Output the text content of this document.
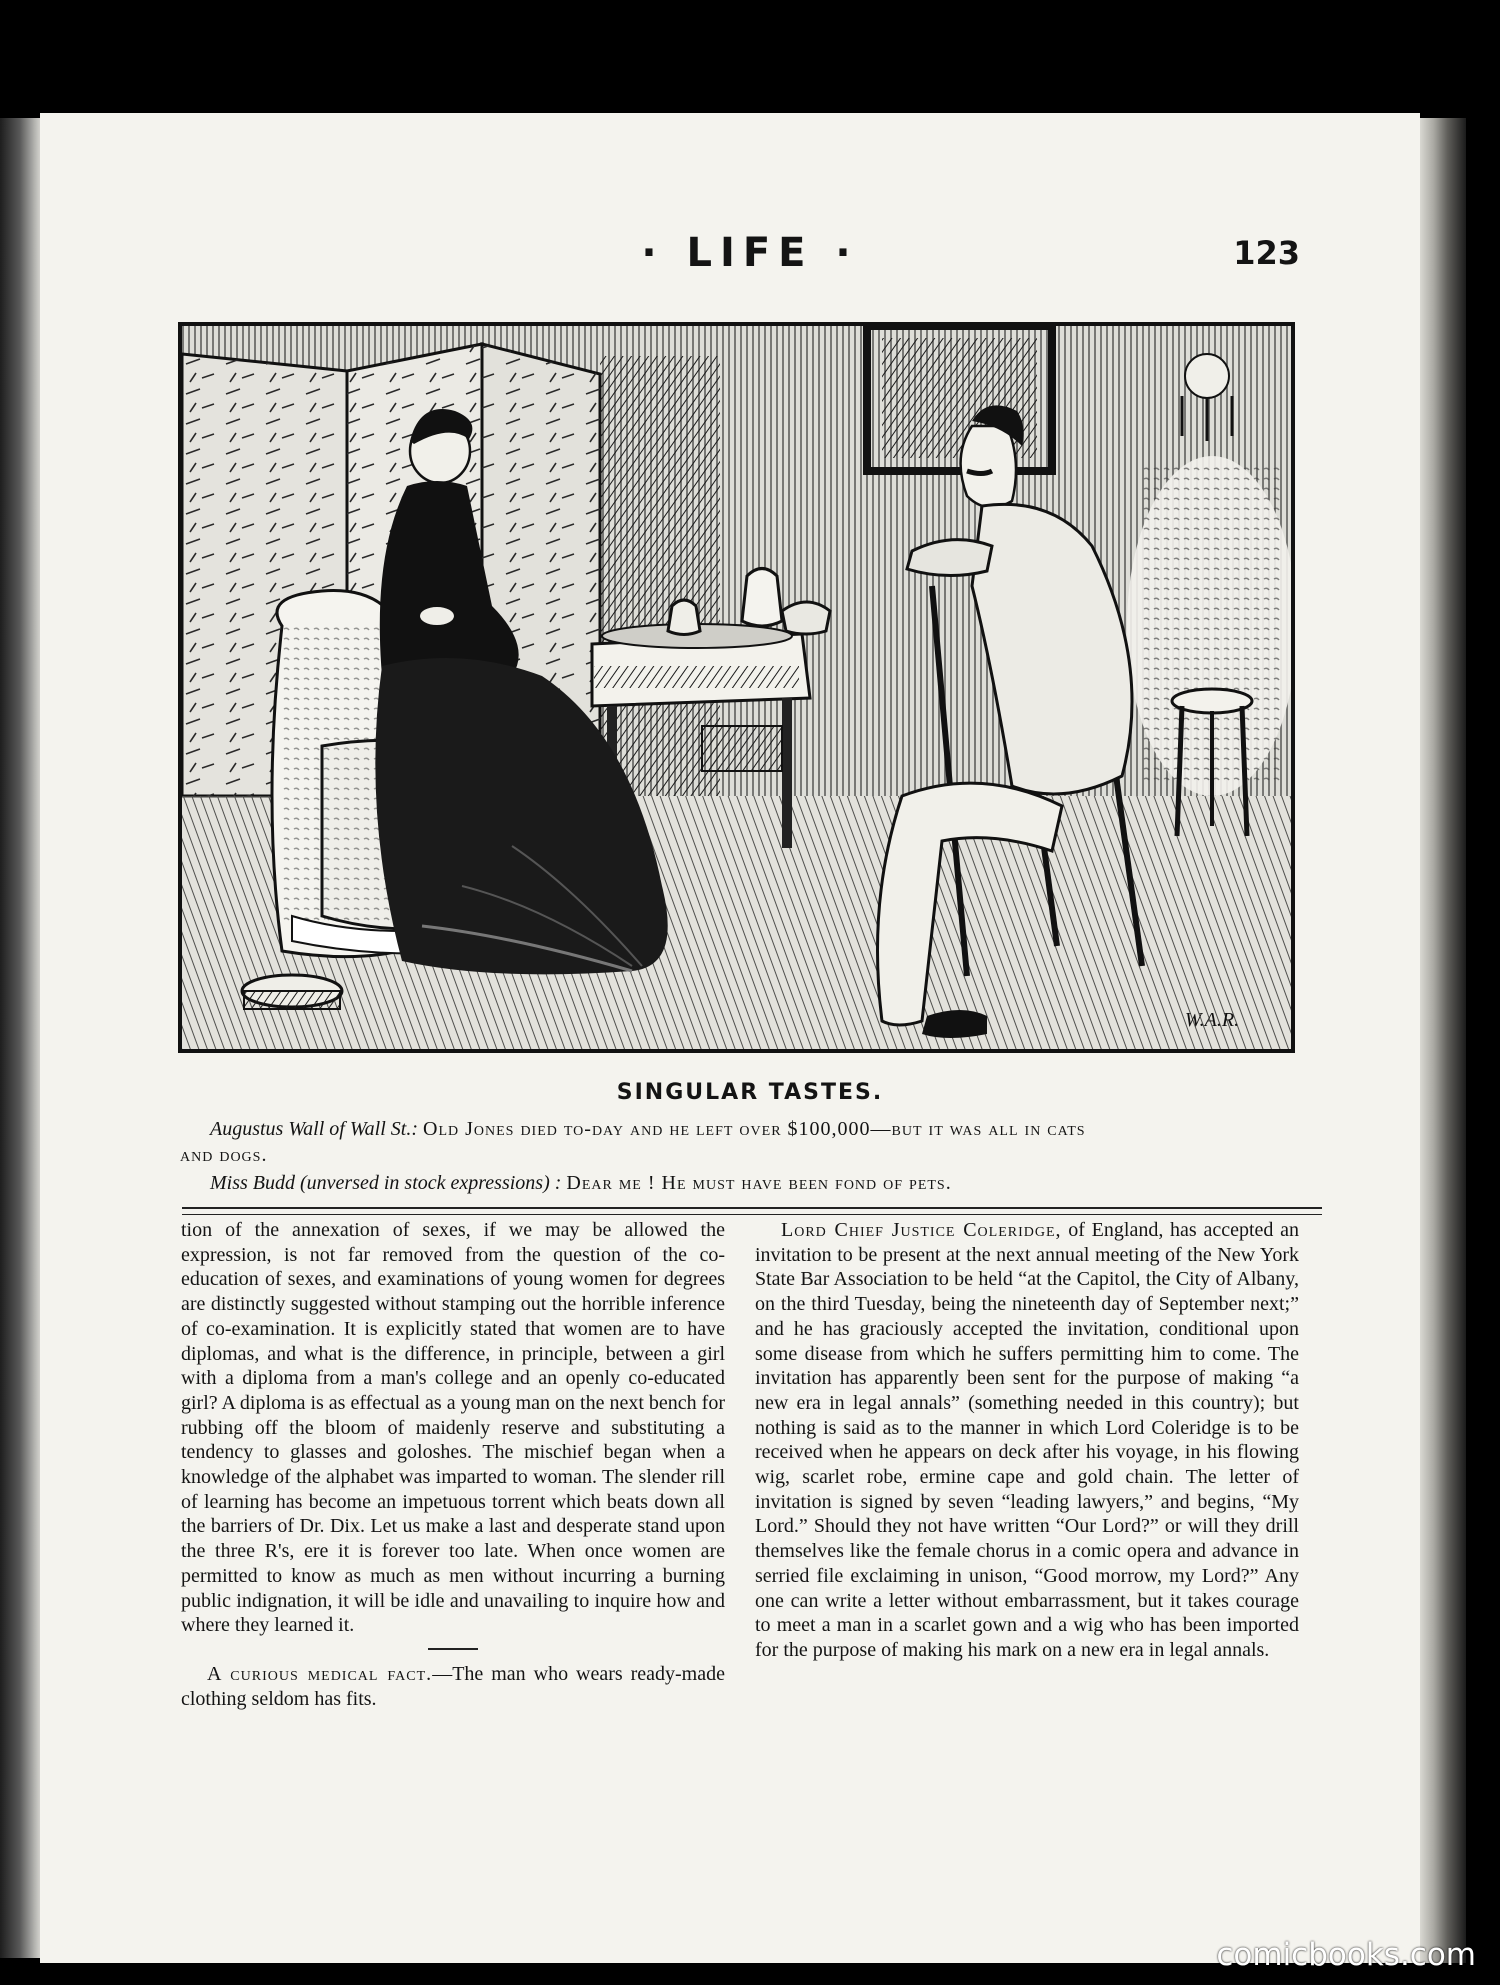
· LIFE ·	123
W.A.R.
SINGULAR TASTES.
Augustus Wall of Wall St.: Old Jones died to-day and he left over $100,000—but it was all in cats
and dogs.
Miss Budd (unversed in stock expressions) : Dear me ! He must have been fond of pets.

tion of the annexation of sexes, if we may be allowed the expression, is not far removed from the question of the co-education of sexes, and examinations of young women for degrees are distinctly suggested without stamping out the horrible inference of co-examination. It is explicitly stated that women are to have diplomas, and what is the difference, in principle, between a girl with a diploma from a man's college and an openly co-educated girl? A diploma is as effectual as a young man on the next bench for rubbing off the bloom of maidenly reserve and substituting a tendency to glasses and goloshes. The mischief began when a knowledge of the alphabet was imparted to woman. The slender rill of learning has become an impetuous torrent which beats down all the barriers of Dr. Dix. Let us make a last and desperate stand upon the three R's, ere it is forever too late. When once women are permitted to know as much as men without incurring a burning public indignation, it will be idle and unavailing to inquire how and where they learned it.

A curious medical fact.—The man who wears ready-made clothing seldom has fits.

Lord Chief Justice Coleridge, of England, has accepted an invitation to be present at the next annual meeting of the New York State Bar Association to be held “at the Capitol, the City of Albany, on the third Tuesday, being the nineteenth day of September next;” and he has graciously accepted the invitation, conditional upon some disease from which he suffers permitting him to come. The invitation has apparently been sent for the purpose of making “a new era in legal annals” (something needed in this country); but nothing is said as to the manner in which Lord Coleridge is to be received when he appears on deck after his voyage, in his flowing wig, scarlet robe, ermine cape and gold chain. The letter of invitation is signed by seven “leading lawyers,” and begins, “My Lord.” Should they not have written “Our Lord?” or will they drill themselves like the female chorus in a comic opera and advance in serried file exclaiming in unison, “Good morrow, my Lord?” Any one can write a letter without embarrassment, but it takes courage to meet a man in a scarlet gown and a wig who has been imported for the purpose of making his mark on a new era in legal annals.

comicbooks.com
